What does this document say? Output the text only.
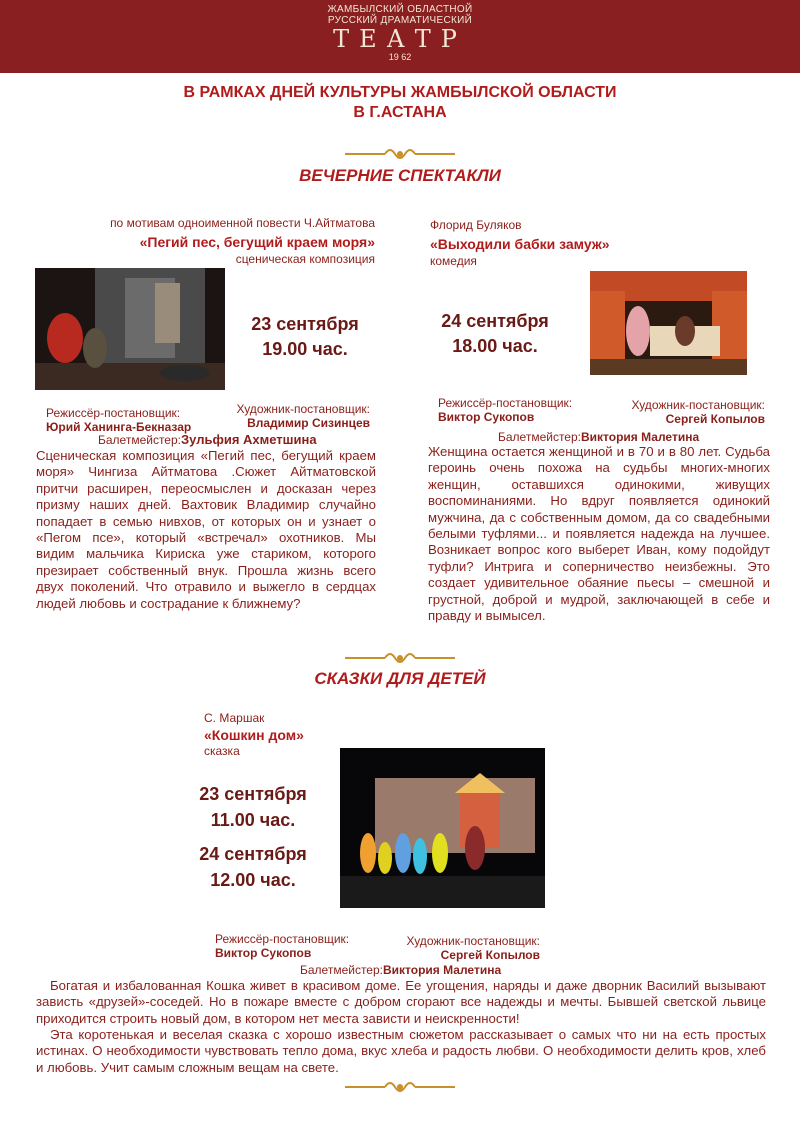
ЖАМБЫЛСКИЙ ОБЛАСТНОЙ
РУССКИЙ ДРАМАТИЧЕСКИЙ
ТЕАТР
19 62
В РАМКАХ ДНЕЙ КУЛЬТУРЫ ЖАМБЫЛСКОЙ ОБЛАСТИ
В Г.АСТАНА
ВЕЧЕРНИЕ СПЕКТАКЛИ
по мотивам одноименной повести Ч.Айтматова
«Пегий пес, бегущий краем моря»
сценическая композиция
23 сентября
19.00 час.
Режиссёр-постановщик:
Юрий Ханинга-Бекназар
Художник-постановщик:
Владимир Сизинцев
Балетмейстер:Зульфия Ахметшина
Сценическая композиция «Пегий пес, бегущий краем моря» Чингиза Айтматова .Сюжет Айтматовской притчи расширен, переосмыслен и досказан через призму наших дней. Вахтовик Владимир случайно попадает в семью нивхов, от которых он и узнает о «Пегом псе», который «встречал» охотников. Мы видим мальчика Кириска уже стариком, которого презирает собственный внук. Прошла жизнь всего двух поколений. Что отравило и выжегло в сердцах людей любовь и сострадание к ближнему?
Флорид Буляков
«Выходили бабки замуж»
комедия
24 сентября
18.00 час.
Режиссёр-постановщик:
Виктор Сукопов
Художник-постановщик:
Сергей Копылов
Балетмейстер:Виктория Малетина
Женщина остается женщиной и в 70 и в 80 лет. Судьба героинь очень похожа на судьбы многих-многих женщин, оставшихся одинокими, живущих воспоминаниями. Но вдруг появляется одинокий мужчина, да с собственным домом, да со свадебными белыми туфлями... и появляется надежда на лучшее. Возникает вопрос кого выберет Иван, кому подойдут туфли? Интрига и соперничество неизбежны. Это создает удивительное обаяние пьесы – смешной и грустной, доброй и мудрой, заключающей в себе и правду и вымысел.
СКАЗКИ ДЛЯ ДЕТЕЙ
С. Маршак
«Кошкин дом»
сказка
23 сентября
11.00 час.
24 сентября
12.00 час.
Режиссёр-постановщик:
Виктор Сукопов
Художник-постановщик:
Сергей Копылов
Балетмейстер:Виктория Малетина
Богатая и избалованная Кошка живет в красивом доме. Ее угощения, наряды и даже дворник Василий вызывают зависть «друзей»-соседей. Но в пожаре вместе с добром сгорают все надежды и мечты. Бывшей светской львице приходится строить новый дом, в котором нет места зависти и неискренности!
Эта коротенькая и веселая сказка с хорошо известным сюжетом рассказывает о самых что ни на есть простых истинах. О необходимости чувствовать тепло дома, вкус хлеба и радость любви. О необходимости делить кров, хлеб и любовь. Учит самым сложным вещам на свете.
